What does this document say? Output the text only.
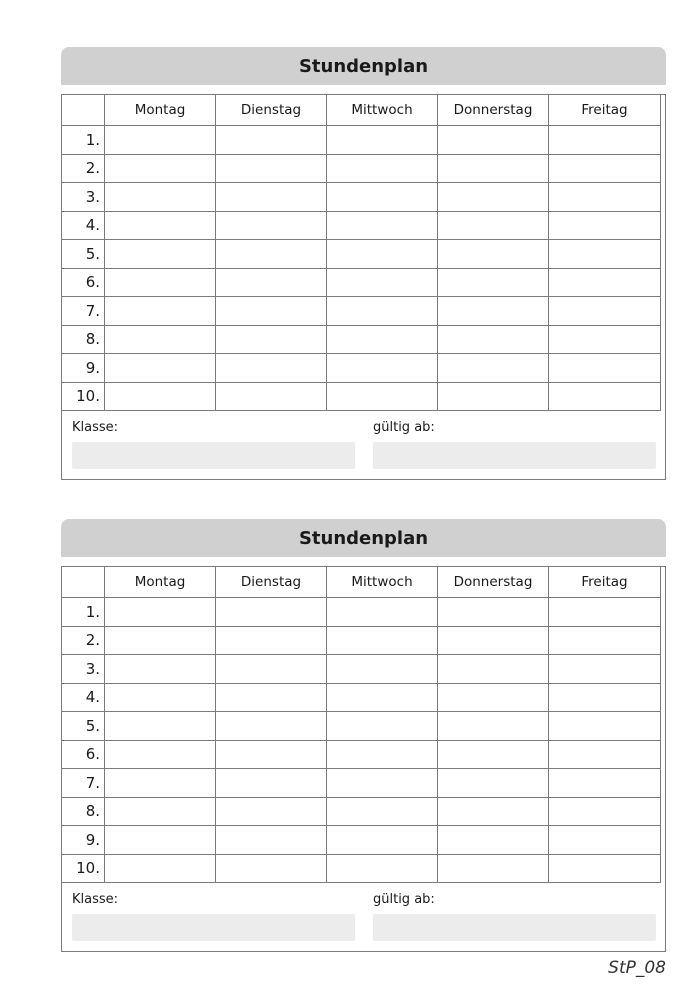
Stundenplan
	Montag	Dienstag	Mittwoch	Donnerstag	Freitag
1.					
2.					
3.					
4.					
5.					
6.					
7.					
8.					
9.					
10.					
Klasse:	gültig ab:
Stundenplan
	Montag	Dienstag	Mittwoch	Donnerstag	Freitag
1.					
2.					
3.					
4.					
5.					
6.					
7.					
8.					
9.					
10.					
Klasse:	gültig ab:
StP_08
